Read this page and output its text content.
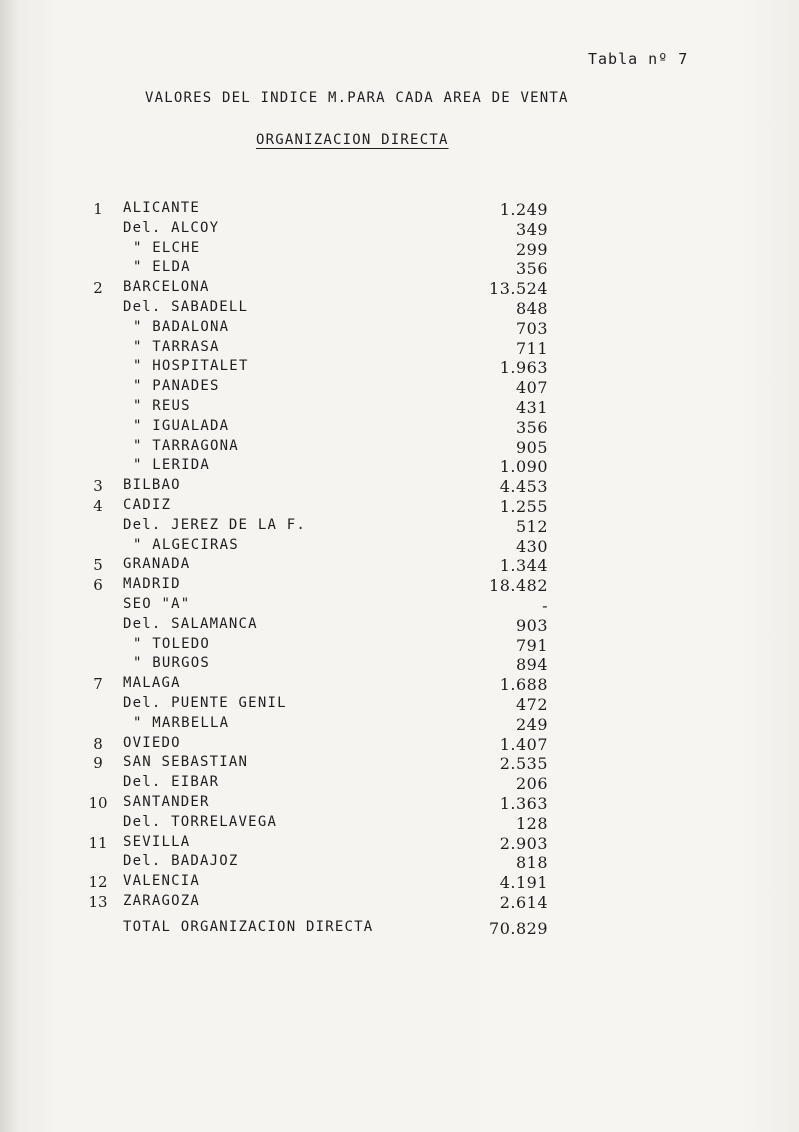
Tabla nº 7
VALORES DEL INDICE M.PARA CADA AREA DE VENTA
ORGANIZACION DIRECTA
1	ALICANTE	1.249
Del. ALCOY	349
" ELCHE	299
" ELDA	356
2	BARCELONA	13.524
Del. SABADELL	848
" BADALONA	703
" TARRASA	711
" HOSPITALET	1.963
" PANADES	407
" REUS	431
" IGUALADA	356
" TARRAGONA	905
" LERIDA	1.090
3	BILBAO	4.453
4	CADIZ	1.255
Del. JEREZ DE LA F.	512
" ALGECIRAS	430
5	GRANADA	1.344
6	MADRID	18.482
SEO "A"	-
Del. SALAMANCA	903
" TOLEDO	791
" BURGOS	894
7	MALAGA	1.688
Del. PUENTE GENIL	472
" MARBELLA	249
8	OVIEDO	1.407
9	SAN SEBASTIAN	2.535
Del. EIBAR	206
10 SANTANDER	1.363
Del. TORRELAVEGA	128
11 SEVILLA	2.903
Del. BADAJOZ	818
12 VALENCIA	4.191
13 ZARAGOZA	2.614
TOTAL ORGANIZACION DIRECTA	70.829
